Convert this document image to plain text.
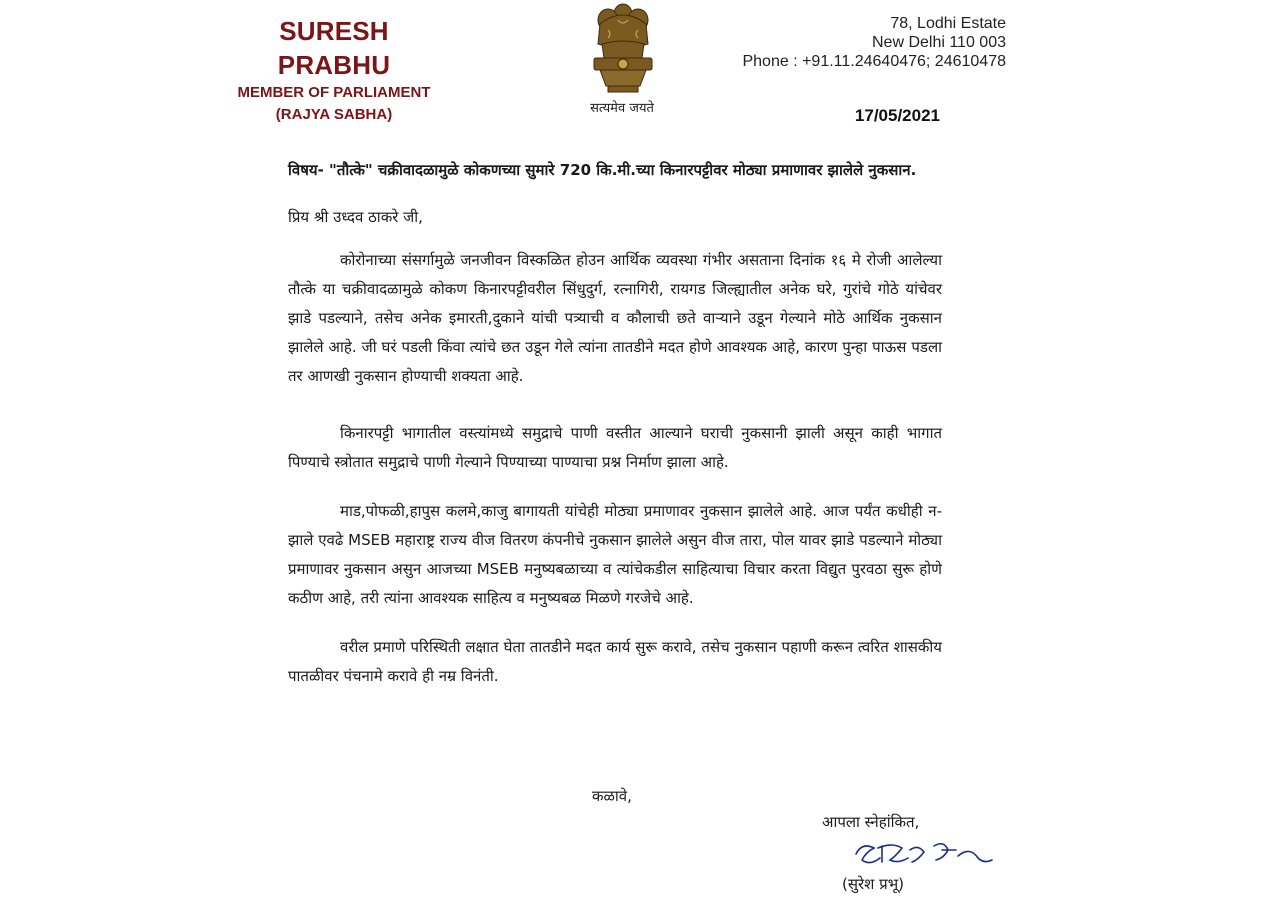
SURESH PRABHU
MEMBER OF PARLIAMENT
(RAJYA SABHA)	सत्यमेव जयते
78, Lodhi Estate
New Delhi 110 003
Phone : +91.11.24640476; 24610478
17/05/2021

विषय- "तौत्के" चक्रीवादळामुळे कोकणच्या सुमारे 720 कि.मी.च्या किनारपट्टीवर मोठ्या प्रमाणावर झालेले नुकसान.

प्रिय श्री उध्दव ठाकरे जी,

कोरोनाच्या संसर्गामुळे जनजीवन विस्कळित होउन आर्थिक व्यवस्था गंभीर असताना दिनांक १६ मे रोजी आलेल्या तौत्के या चक्रीवादळामुळे कोकण किनारपट्टीवरील सिंधुदुर्ग, रत्नागिरी, रायगड जिल्ह्यातील अनेक घरे, गुरांचे गोठे यांचेवर झाडे पडल्याने, तसेच अनेक इमारती,दुकाने यांची पत्र्याची व कौलाची छते वाऱ्याने उडून गेल्याने मोठे आर्थिक नुकसान झालेले आहे. जी घरं पडली किंवा त्यांचे छत उडून गेले त्यांना तातडीने मदत होणे आवश्यक आहे, कारण पुन्हा पाऊस पडला तर आणखी नुकसान होण्याची शक्यता आहे.

किनारपट्टी भागातील वस्त्यांमध्ये समुद्राचे पाणी वस्तीत आल्याने घराची नुकसानी झाली असून काही भागात पिण्याचे स्त्रोतात समुद्राचे पाणी गेल्याने पिण्याच्या पाण्याचा प्रश्न निर्माण झाला आहे.

माड,पोफळी,हापुस कलमे,काजु बागायती यांचेही मोठ्या प्रमाणावर नुकसान झालेले आहे. आज पर्यंत कधीही न-झाले एवढे MSEB महाराष्ट्र राज्य वीज वितरण कंपनीचे नुकसान झालेले असुन वीज तारा, पोल यावर झाडे पडल्याने मोठ्या प्रमाणावर नुकसान असुन आजच्या MSEB मनुष्यबळाच्या व त्यांचेकडील साहित्याचा विचार करता विद्युत पुरवठा सुरू होणे कठीण आहे, तरी त्यांना आवश्यक साहित्य व मनुष्यबळ मिळणे गरजेचे आहे.

वरील प्रमाणे परिस्थिती लक्षात घेता तातडीने मदत कार्य सुरू करावे, तसेच नुकसान पहाणी करून त्वरित शासकीय पातळीवर पंचनामे करावे ही नम्र विनंती.

कळावे,
आपला स्नेहांकित,
(सुरेश प्रभू)
